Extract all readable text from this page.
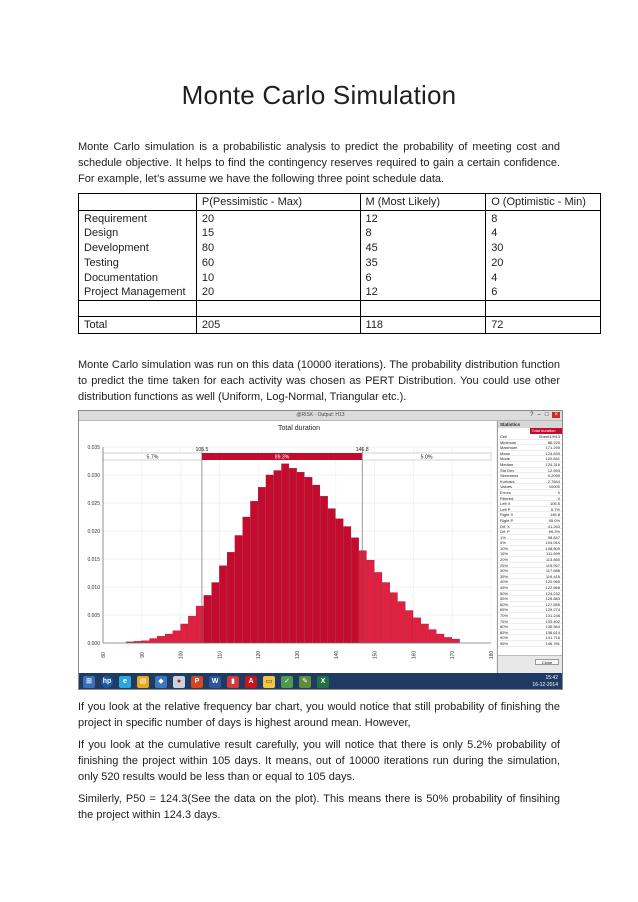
Monte Carlo Simulation

Monte Carlo simulation is a probabilistic analysis to predict the probability of meeting cost and schedule objective. It helps to find the contingency reserves required to gain a certain confidence. For example, let’s assume we have the following three point schedule data.

	P(Pessimistic - Max)	M (Most Likely)	O (Optimistic - Min)
Requirement	20	12	8
Design	15	8	4
Development	80	45	30
Testing	60	35	20
Documentation	10	6	4
Project Management	20	12	6

Total	205	118	72

Monte Carlo simulation was run on this data (10000 iterations). The probability distribution function to predict the time taken for each activity was chosen as PERT Distribution. You could use other distribution functions as well (Uniform, Log-Normal, Triangular etc.).

@RISK - Output: H13	?–□ ×
105.5	146.8
5.7%	89.3%	5.0%
0.035
0.030
0.025
0.020
0.015
0.010
0.005
0.000
80	90	100	110	120	130	140	150	160	170	180
Total duration
Statistics
Total duration
Cell	Sheet1!H13
Minimum	86.220
Maximum	171.295
Mean	124.833
Mode	120.841
Median	124.316
Std Dev	12.593
Skewness	0.2099
Kurtosis	2.7844
Values	10000
Errors	0
Filtered	0
Left X	105.5
Left P	5.7%
Right X	146.8
Right P	95.0%
Dif. X	41.263
Dif. P	89.3%
1%	98.847
5%	104.914
10%	108.809
15%	111.699
20%	113.850
25%	115.957
30%	117.688
35%	119.415
40%	120.965
45%	122.568
50%	124.232
55%	125.883
60%	127.555
65%	129.274
70%	131.248
75%	133.402
80%	135.564
85%	138.614
90%	141.716
95%	146.781
Close
⊞	hp	e	▤	◆	●	P	W	▮	A	▭	✓	✎	X	15:42
16-12-2014

If you look at the relative frequency bar chart, you would notice that still probability of finishing the project in specific number of days is highest around mean. However,

If you look at the cumulative result carefully, you will notice that there is only 5.2% probability of finishing the project within 105 days. It means, out of 10000 iterations run during the simulation, only 520 results would be less than or equal to 105 days.

Similerly, P50 = 124.3(See the data on the plot). This means there is 50% probability of finsihing the project within 124.3 days.
